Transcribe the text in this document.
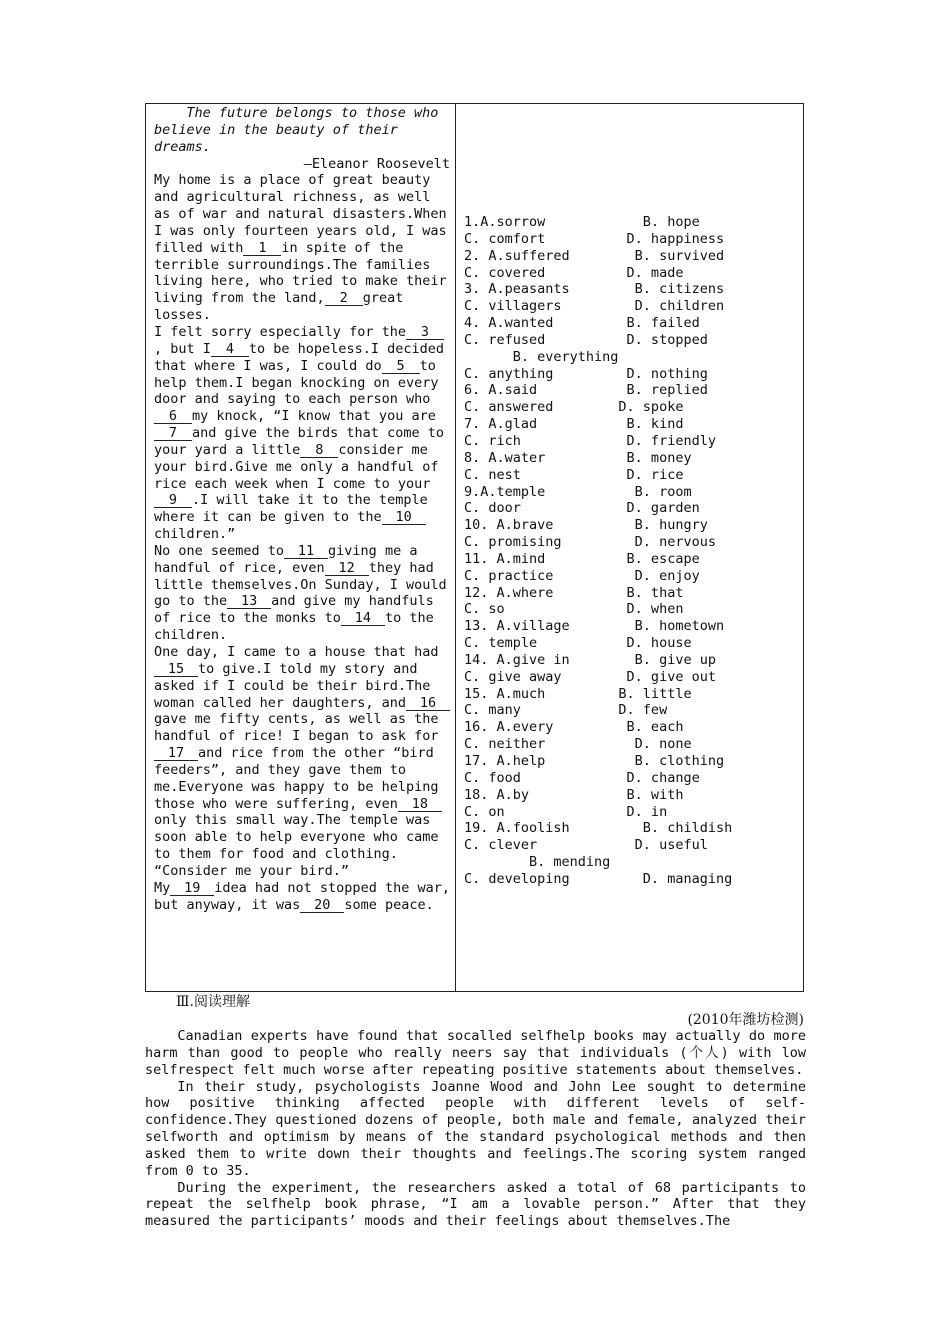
The future belongs to those who believe in the beauty of their dreams.

—Eleanor Roosevelt

My home is a place of great beauty and agricultural richness, as well as of war and natural disasters.When I was only fourteen years old, I was filled with 1 in spite of the terrible surroundings.The families living here, who tried to make their living from the land, 2 great losses.

I felt sorry especially for the 3, but I 4 to be hopeless.I decided that where I was, I could do 5 to help them.I began knocking on every door and saying to each person who6 my knock, “I know that you are7 and give the birds that come to your yard a little 8 consider me your bird.Give me only a handful of rice each week when I come to your9 .I will take it to the temple where it can be given to the 10children.”

No one seemed to 11 giving me a handful of rice, even 12 they had little themselves.On Sunday, I would go to the 13 and give my handfuls of rice to the monks to 14 to the children.

One day, I came to a house that had15 to give.I told my story and asked if I could be their bird.The woman called her daughters, and 16gave me fifty cents, as well as the handful of rice! I began to ask for17 and rice from the other “bird feeders”, and they gave them to me.Everyone was happy to be helping those who were suffering, even 18only this small way.The temple was soon able to help everyone who came to them for food and clothing.

“Consider me your bird.”

My 19 idea had not stopped the war, but anyway, it was 20 some peace.

1.A.sorrow            B. hope
C. comfort          D. happiness
2. A.suffered        B. survived
C. covered          D. made
3. A.peasants        B. citizens
C. villagers         D. children
4. A.wanted         B. failed
C. refused          D. stopped
B. everything
C. anything         D. nothing
6. A.said           B. replied
C. answered        D. spoke
7. A.glad           B. kind
C. rich             D. friendly
8. A.water          B. money
C. nest             D. rice
9.A.temple           B. room
C. door             D. garden
10. A.brave          B. hungry
C. promising         D. nervous
11. A.mind          B. escape
C. practice          D. enjoy
12. A.where         B. that
C. so               D. when
13. A.village        B. hometown
C. temple           D. house
14. A.give in        B. give up
C. give away        D. give out
15. A.much         B. little
C. many            D. few
16. A.every         B. each
C. neither           D. none
17. A.help           B. clothing
C. food             D. change
18. A.by            B. with
C. on               D. in
19. A.foolish         B. childish
C. clever            D. useful
B. mending
C. developing         D. managing
Ⅲ.阅读理解
(2010年潍坊检测)

Canadian experts have found that socalled selfhelp books may actually do more harm than good to people who really neers say that individuals (个人) with low selfrespect felt much worse after repeating positive statements about themselves.

In their study, psychologists Joanne Wood and John Lee sought to determine how positive thinking affected people with different levels of self-confidence.They questioned dozens of people, both male and female, analyzed their selfworth and optimism by means of the standard psychological methods and then asked them to write down their thoughts and feelings.The scoring system ranged from 0 to 35.

During the experiment, the researchers asked a total of 68 participants to repeat the selfhelp book phrase, “I am a lovable person.” After that they measured the participants’ moods and their feelings about themselves.The
